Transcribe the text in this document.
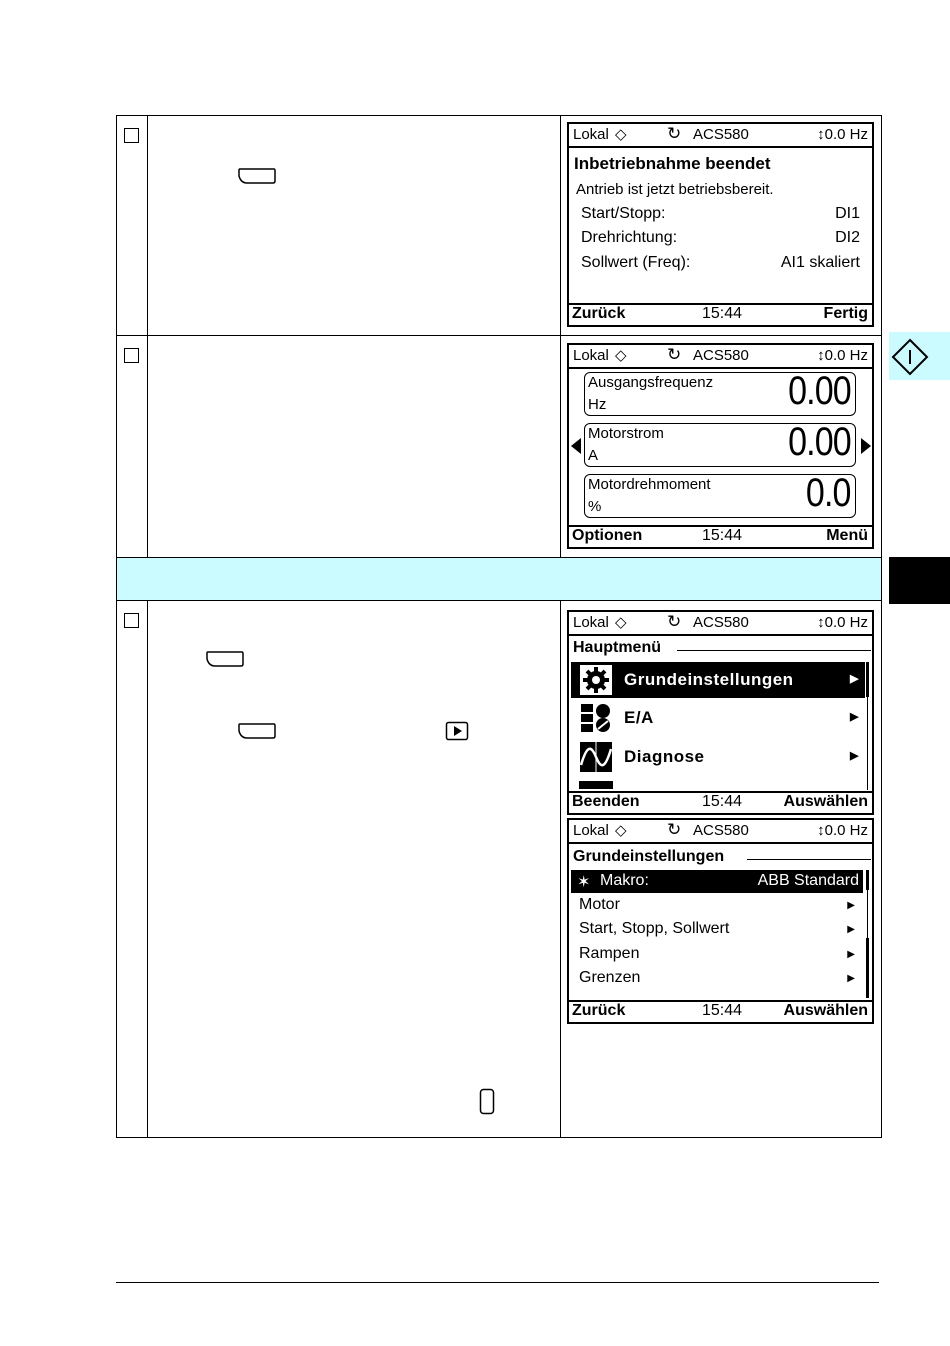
Lokal ◇ ↻ ACS580	↕0.0 Hz
Inbetriebnahme beendet
Antrieb ist jetzt betriebsbereit.
Start/Stopp:	DI1
Drehrichtung:	DI2
Sollwert (Freq):	AI1 skaliert
Zurück	15:44	Fertig
Lokal ◇ ↻ ACS580	↕0.0 Hz
Ausgangsfrequenz
Hz	0.00
Motorstrom
A	0.00
Motordrehmoment
%	0.0
Optionen	15:44	Menü
Lokal ◇ ↻ ACS580	↕0.0 Hz
Hauptmenü
Grundeinstellungen	▶
E/A	▶
Diagnose	▶
Beenden	15:44	Auswählen
Lokal ◇ ↻ ACS580	↕0.0 Hz
Grundeinstellungen
✶ Makro:	ABB Standard
Motor	▶
Start, Stopp, Sollwert	▶
Rampen	▶
Grenzen	▶
Zurück	15:44	Auswählen
